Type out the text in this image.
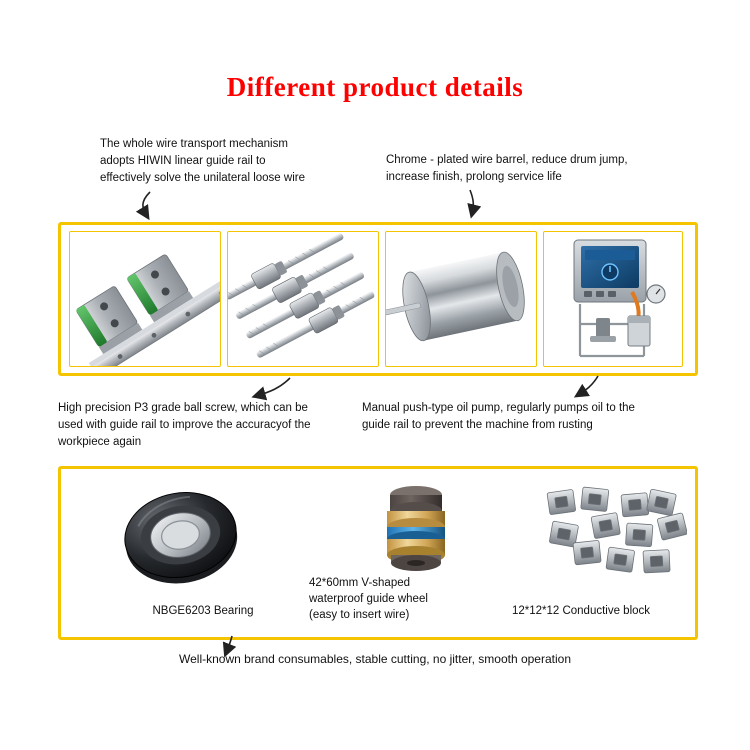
Different product details
The whole wire transport mechanism adopts HIWIN linear guide rail to effectively solve the unilateral loose wire
Chrome - plated wire barrel, reduce drum jump, increase finish, prolong service life
High precision P3 grade ball screw, which can be used with guide rail to improve the accuracyof the workpiece again
Manual push-type oil pump, regularly pumps oil to the guide rail to prevent the machine from rusting
NBGE6203 Bearing
42*60mm V-shaped waterproof guide wheel (easy to insert wire)	12*12*12 Conductive block
Well-known brand consumables, stable cutting, no jitter, smooth operation
